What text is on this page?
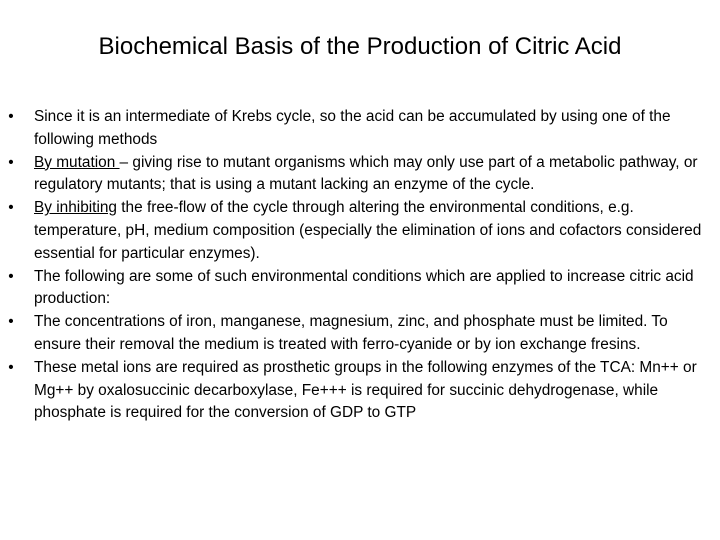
Biochemical Basis of the Production of Citric Acid
• Since it is an intermediate of Krebs cycle, so the acid can be accumulated by using one of the following methods
• By mutation – giving rise to mutant organisms which may only use part of a metabolic pathway, or regulatory mutants; that is using a mutant lacking an enzyme of the cycle.
• By inhibiting the free-flow of the cycle through altering the environmental conditions, e.g. temperature, pH, medium composition (especially the elimination of ions and cofactors considered essential for particular enzymes).
• The following are some of such environmental conditions which are applied to increase citric acid production:
• The concentrations of iron, manganese, magnesium, zinc, and phosphate must be limited. To ensure their removal the medium is treated with ferro-cyanide or by ion exchange fresins.
• These metal ions are required as prosthetic groups in the following enzymes of the TCA: Mn++ or Mg++ by oxalosuccinic decarboxylase, Fe+++ is required for succinic dehydrogenase, while phosphate is required for the conversion of GDP to GTP
